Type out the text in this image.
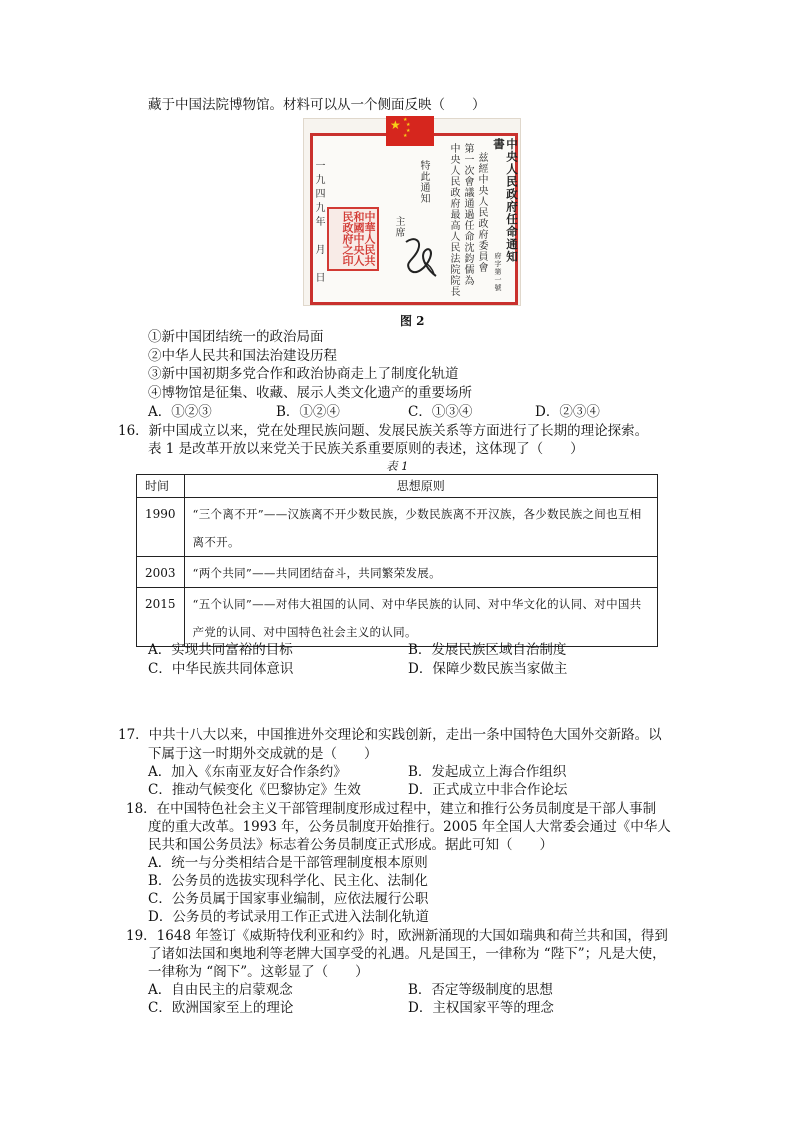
藏于中国法院博物馆。材料可以从一个侧面反映（　　）
★ ★
★
★
★
中央人民政府任命通知書
府字第一號
兹經中央人民政府委員會
第一次會議通過任命沈鈞儒為
中央人民政府最高人民法院院長
特此通知
主席
一九四九年　月　日	中華人民共和國中央人民政府之印
图 2
①新中国团结统一的政治局面
②中华人民共和国法治建设历程
③新中国初期多党合作和政治协商走上了制度化轨道
④博物馆是征集、收藏、展示人类文化遗产的重要场所
A．①②③	B．①②④	C．①③④	D．②③④
16．新中国成立以来，党在处理民族问题、发展民族关系等方面进行了长期的理论探索。
表 1 是改革开放以来党关于民族关系重要原则的表述，这体现了（　　）
表 1
时间	思想原则
1990	“三个离不开”——汉族离不开少数民族，少数民族离不开汉族，各少数民族之间也互相离不开。
2003	“两个共同”——共同团结奋斗，共同繁荣发展。
2015	“五个认同”——对伟大祖国的认同、对中华民族的认同、对中华文化的认同、对中国共产党的认同、对中国特色社会主义的认同。
A．实现共同富裕的目标	B．发展民族区域自治制度
C．中华民族共同体意识	D．保障少数民族当家做主
17．中共十八大以来，中国推进外交理论和实践创新，走出一条中国特色大国外交新路。以
下属于这一时期外交成就的是（　　）
A．加入《东南亚友好合作条约》	B．发起成立上海合作组织
C．推动气候变化《巴黎协定》生效	D．正式成立中非合作论坛
18．在中国特色社会主义干部管理制度形成过程中，建立和推行公务员制度是干部人事制
度的重大改革。1993 年，公务员制度开始推行。2005 年全国人大常委会通过《中华人
民共和国公务员法》标志着公务员制度正式形成。据此可知（　　）
A．统一与分类相结合是干部管理制度根本原则
B．公务员的选拔实现科学化、民主化、法制化
C．公务员属于国家事业编制，应依法履行公职
D．公务员的考试录用工作正式进入法制化轨道
19．1648 年签订《威斯特伐利亚和约》时，欧洲新涌现的大国如瑞典和荷兰共和国，得到
了诸如法国和奥地利等老牌大国享受的礼遇。凡是国王，一律称为 “陛下”；凡是大使，
一律称为 “阁下”。这彰显了（　　）
A．自由民主的启蒙观念	B．否定等级制度的思想
C．欧洲国家至上的理论	D．主权国家平等的理念
